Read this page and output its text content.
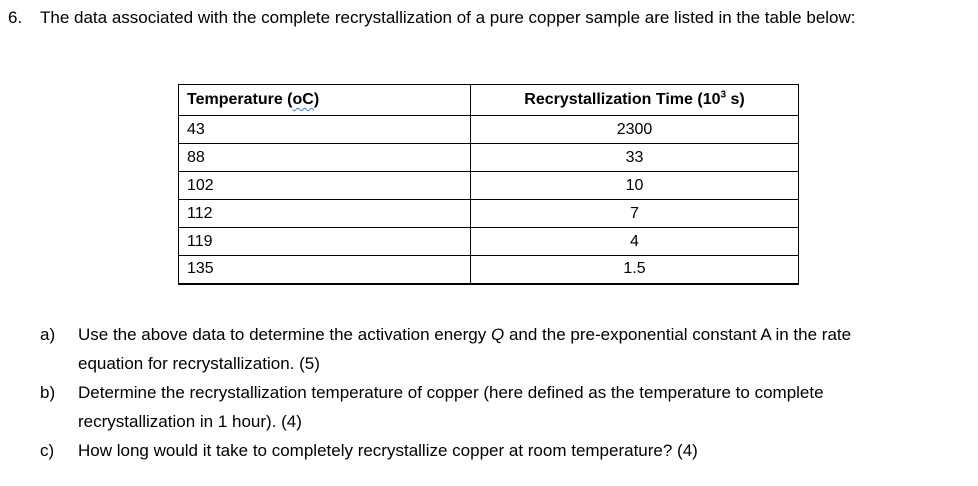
6. The data associated with the complete recrystallization of a pure copper sample are listed in the table below:
Temperature (oC)	Recrystallization Time ($10^3$ s)
43	2300
88	33
102	10
112	7
119	4
135	1.5
a) Use the above data to determine the activation energy Q and the pre-exponential constant A in the rate equation for recrystallization. (5)
b) Determine the recrystallization temperature of copper (here defined as the temperature to complete recrystallization in 1 hour). (4)
c) How long would it take to completely recrystallize copper at room temperature? (4)
